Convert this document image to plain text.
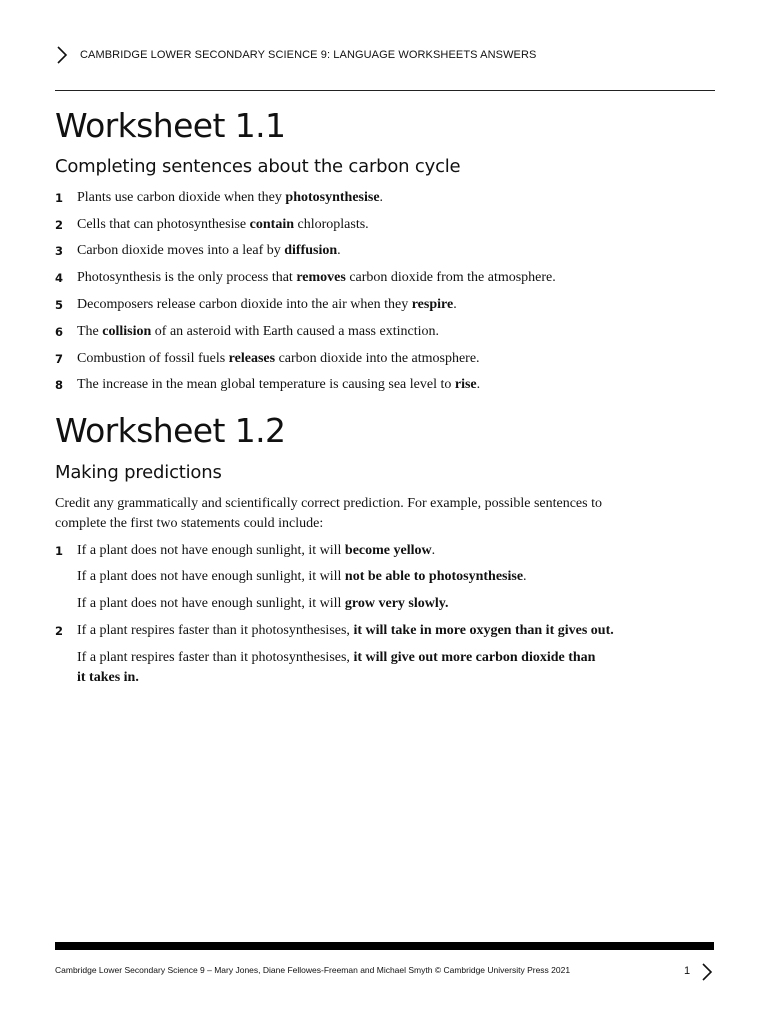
CAMBRIDGE LOWER SECONDARY SCIENCE 9: LANGUAGE WORKSHEETS ANSWERS
Worksheet 1.1
Completing sentences about the carbon cycle
1 Plants use carbon dioxide when they photosynthesise.
2 Cells that can photosynthesise contain chloroplasts.
3 Carbon dioxide moves into a leaf by diffusion.
4 Photosynthesis is the only process that removes carbon dioxide from the atmosphere.
5 Decomposers release carbon dioxide into the air when they respire.
6 The collision of an asteroid with Earth caused a mass extinction.
7 Combustion of fossil fuels releases carbon dioxide into the atmosphere.
8 The increase in the mean global temperature is causing sea level to rise.
Worksheet 1.2
Making predictions
Credit any grammatically and scientifically correct prediction. For example, possible sentences to
complete the first two statements could include:
1 If a plant does not have enough sunlight, it will become yellow.
If a plant does not have enough sunlight, it will not be able to photosynthesise.
If a plant does not have enough sunlight, it will grow very slowly.
2 If a plant respires faster than it photosynthesises, it will take in more oxygen than it gives out.
If a plant respires faster than it photosynthesises, it will give out more carbon dioxide than
it takes in.
Cambridge Lower Secondary Science 9 – Mary Jones, Diane Fellowes-Freeman and Michael Smyth © Cambridge University Press 2021	1
